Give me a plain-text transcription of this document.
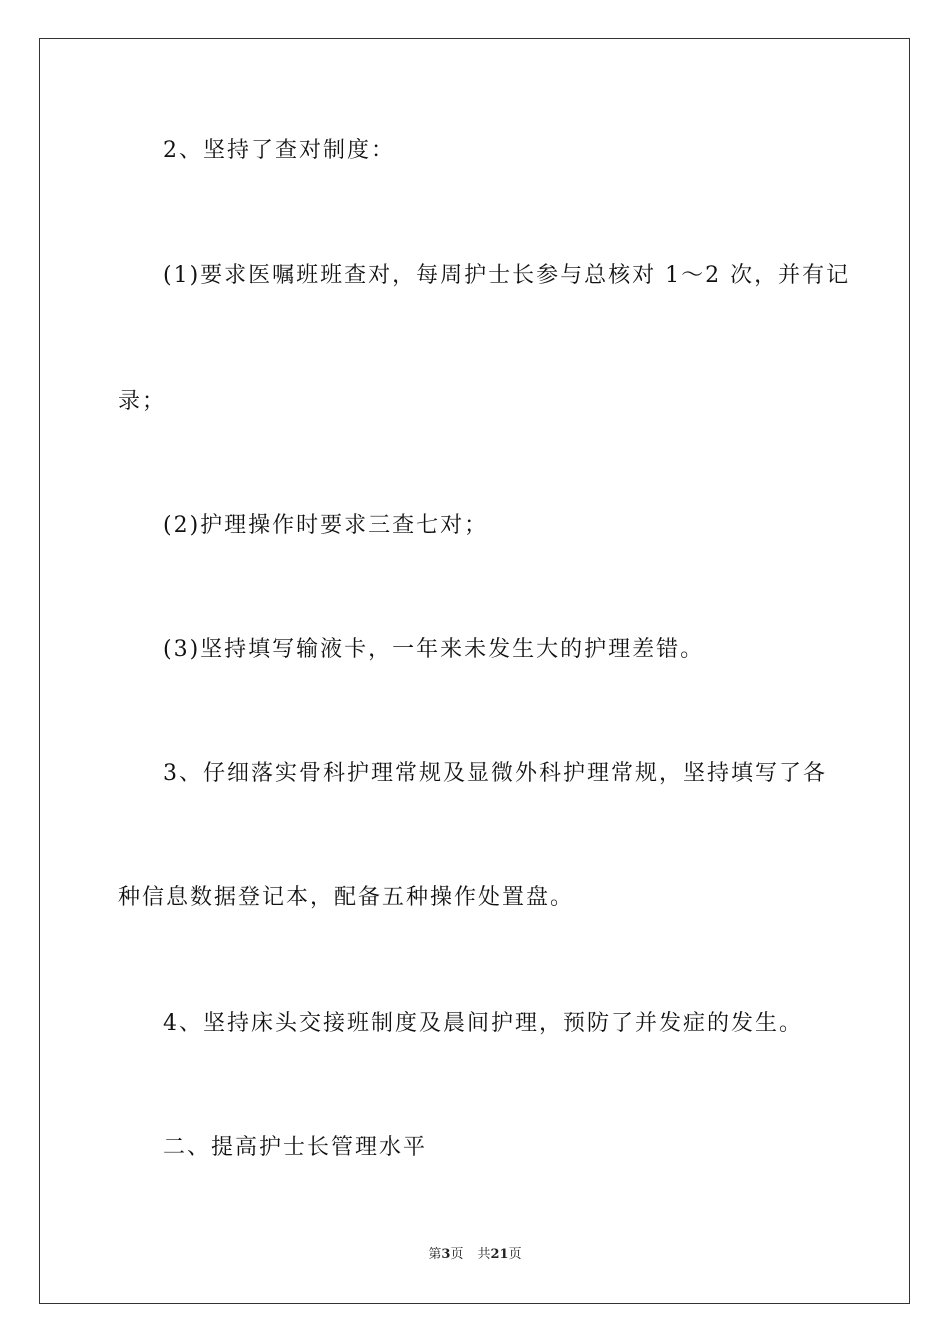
2、坚持了查对制度：
(1)要求医嘱班班查对，每周护士长参与总核对 1～2 次，并有记
录；
(2)护理操作时要求三查七对；
(3)坚持填写输液卡，一年来未发生大的护理差错。
3、仔细落实骨科护理常规及显微外科护理常规，坚持填写了各
种信息数据登记本，配备五种操作处置盘。
4、坚持床头交接班制度及晨间护理，预防了并发症的发生。
二、提高护士长管理水平
第3页 共21页
